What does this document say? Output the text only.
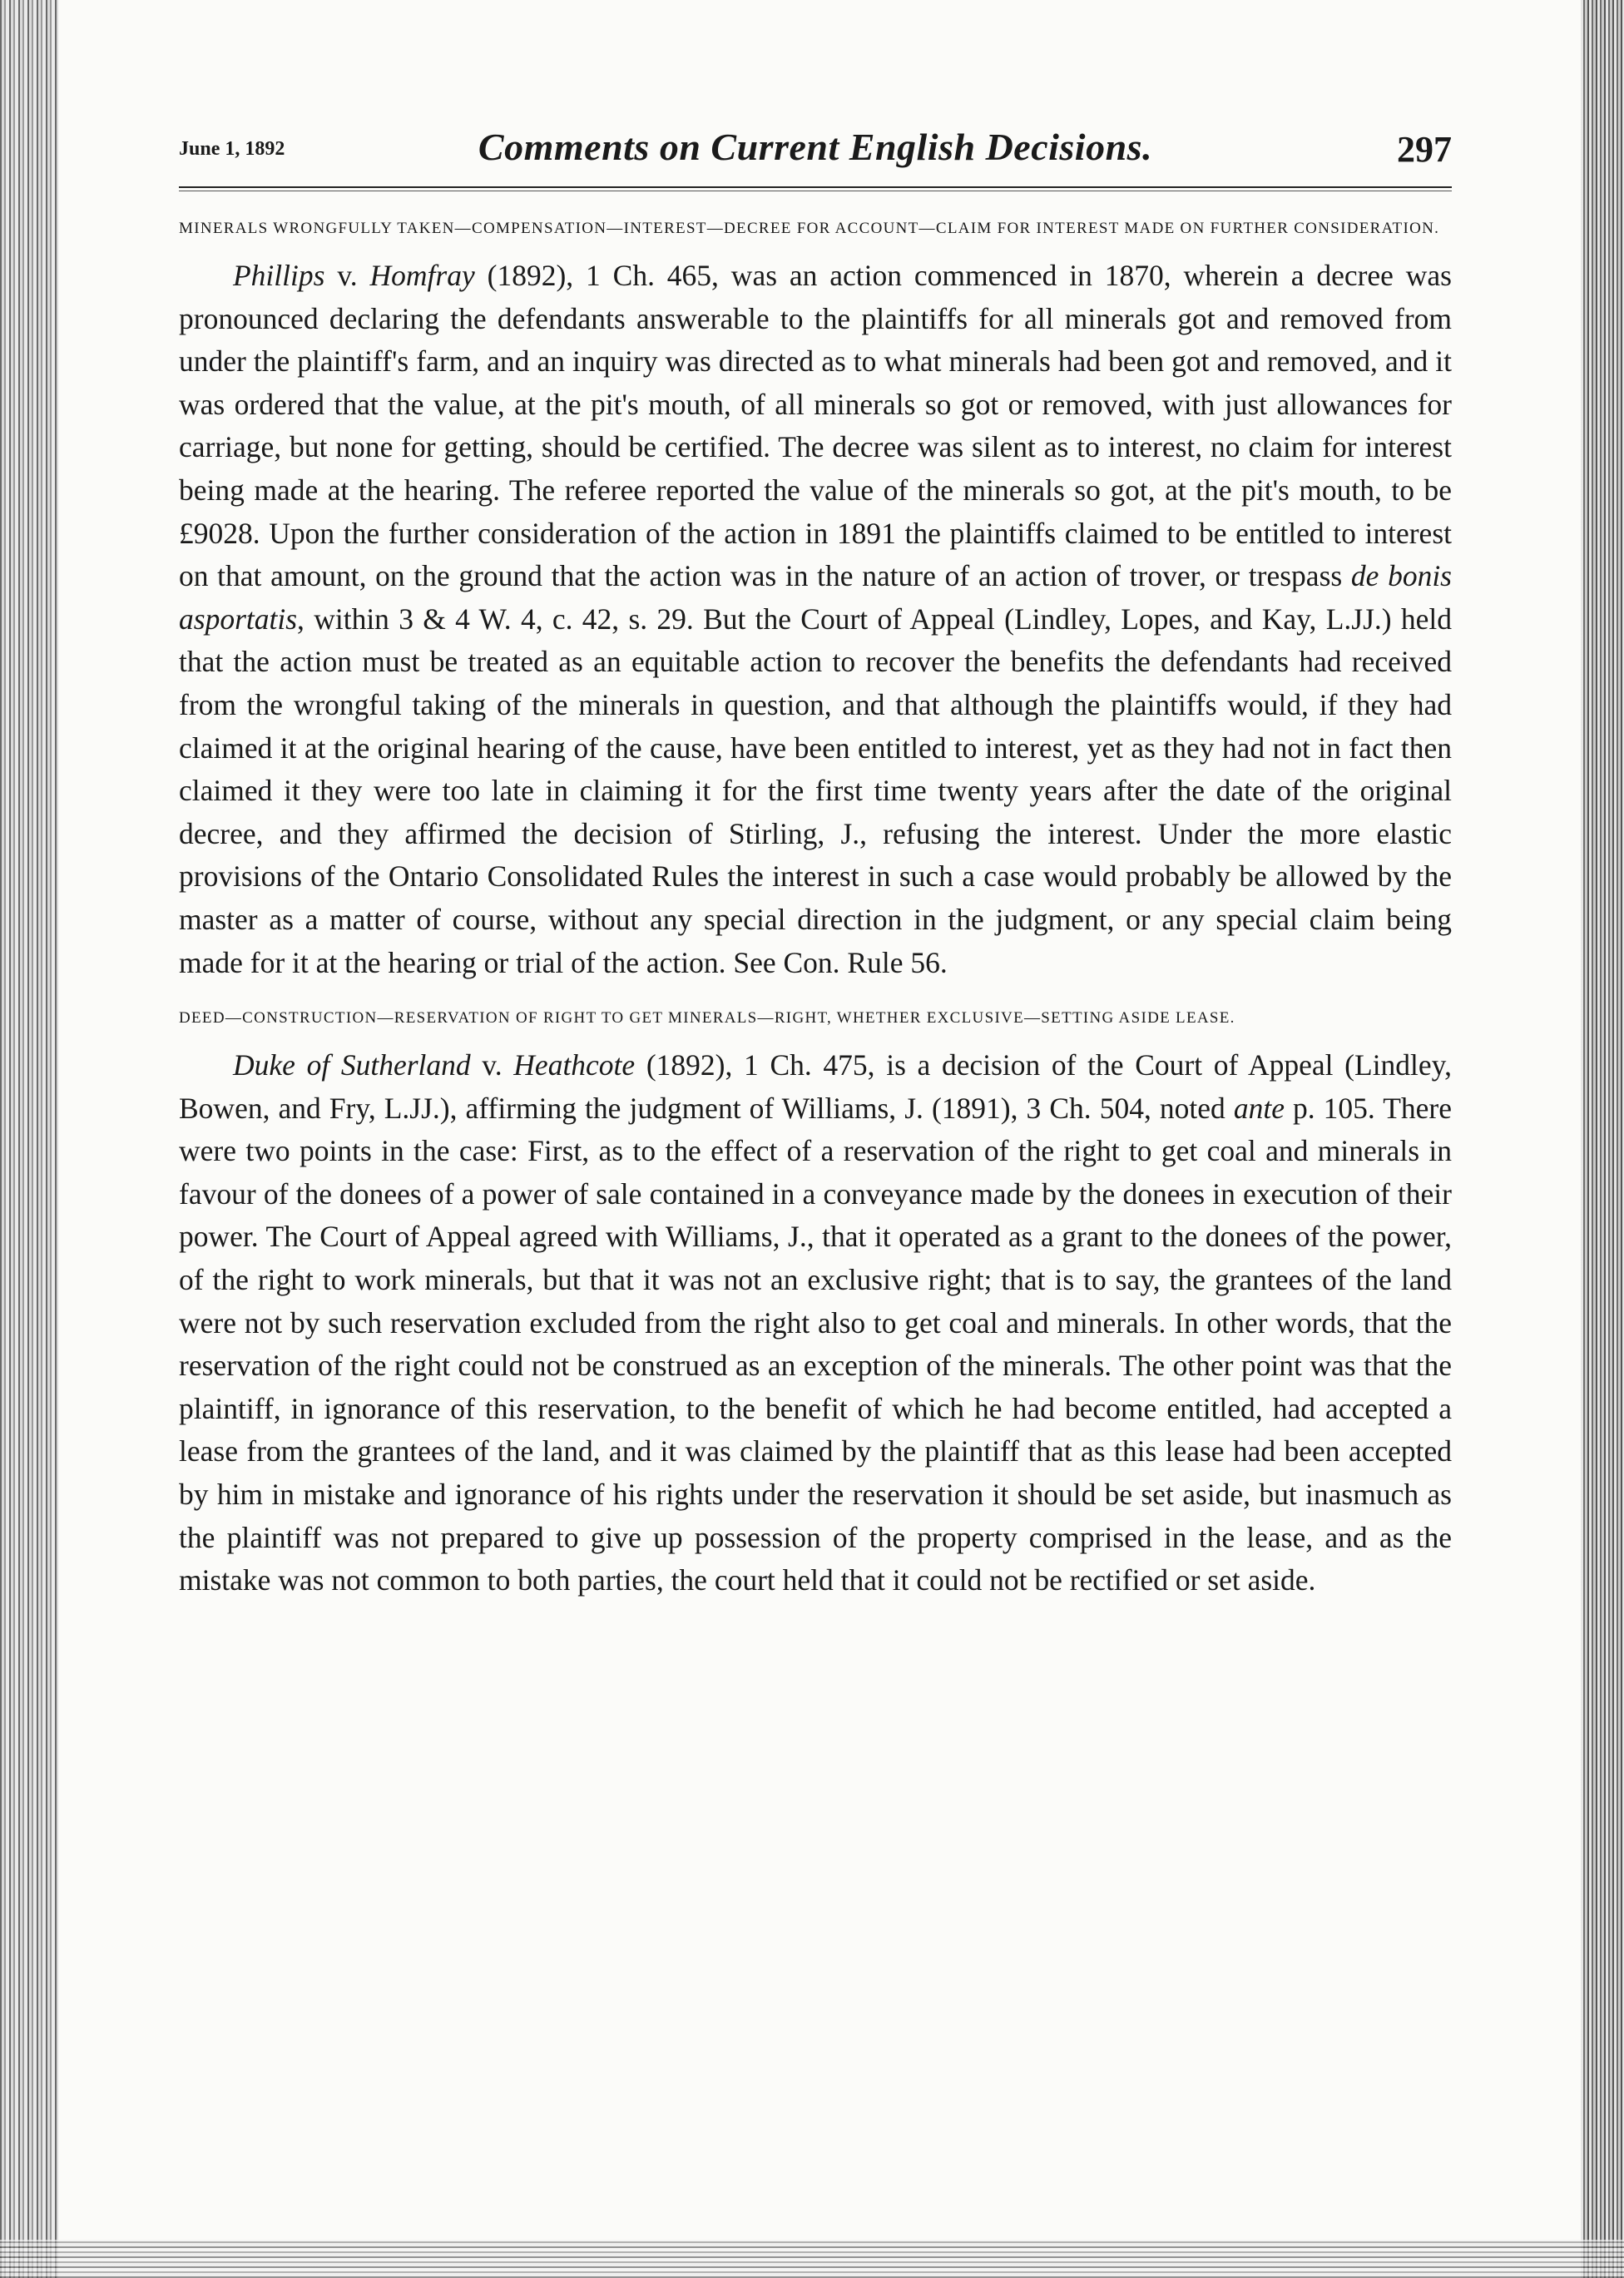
June 1, 1892	Comments on Current English Decisions.	297
MINERALS WRONGFULLY TAKEN—COMPENSATION—INTEREST—DECREE FOR ACCOUNT—CLAIM FOR INTEREST MADE ON FURTHER CONSIDERATION.

Phillips v. Homfray (1892), 1 Ch. 465, was an action commenced in 1870, wherein a decree was pronounced declaring the defendants answerable to the plaintiffs for all minerals got and removed from under the plaintiff's farm, and an inquiry was directed as to what minerals had been got and removed, and it was ordered that the value, at the pit's mouth, of all minerals so got or removed, with just allowances for carriage, but none for getting, should be certified. The decree was silent as to interest, no claim for interest being made at the hearing. The referee reported the value of the minerals so got, at the pit's mouth, to be £9028. Upon the further consideration of the action in 1891 the plaintiffs claimed to be entitled to interest on that amount, on the ground that the action was in the nature of an action of trover, or trespass de bonis asportatis, within 3 & 4 W. 4, c. 42, s. 29. But the Court of Appeal (Lindley, Lopes, and Kay, L.JJ.) held that the action must be treated as an equitable action to recover the benefits the defendants had received from the wrongful taking of the minerals in question, and that although the plaintiffs would, if they had claimed it at the original hearing of the cause, have been entitled to interest, yet as they had not in fact then claimed it they were too late in claiming it for the first time twenty years after the date of the original decree, and they affirmed the decision of Stirling, J., refusing the interest. Under the more elastic provisions of the Ontario Consolidated Rules the interest in such a case would probably be allowed by the master as a matter of course, without any special direction in the judgment, or any special claim being made for it at the hearing or trial of the action. See Con. Rule 56.

DEED—CONSTRUCTION—RESERVATION OF RIGHT TO GET MINERALS—RIGHT, WHETHER EXCLUSIVE—SETTING ASIDE LEASE.

Duke of Sutherland v. Heathcote (1892), 1 Ch. 475, is a decision of the Court of Appeal (Lindley, Bowen, and Fry, L.JJ.), affirming the judgment of Williams, J. (1891), 3 Ch. 504, noted ante p. 105. There were two points in the case: First, as to the effect of a reservation of the right to get coal and minerals in favour of the donees of a power of sale contained in a conveyance made by the donees in execution of their power. The Court of Appeal agreed with Williams, J., that it operated as a grant to the donees of the power, of the right to work minerals, but that it was not an exclusive right; that is to say, the grantees of the land were not by such reservation excluded from the right also to get coal and minerals. In other words, that the reservation of the right could not be construed as an exception of the minerals. The other point was that the plaintiff, in ignorance of this reservation, to the benefit of which he had become entitled, had accepted a lease from the grantees of the land, and it was claimed by the plaintiff that as this lease had been accepted by him in mistake and ignorance of his rights under the reservation it should be set aside, but inasmuch as the plaintiff was not prepared to give up possession of the property comprised in the lease, and as the mistake was not common to both parties, the court held that it could not be rectified or set aside.
